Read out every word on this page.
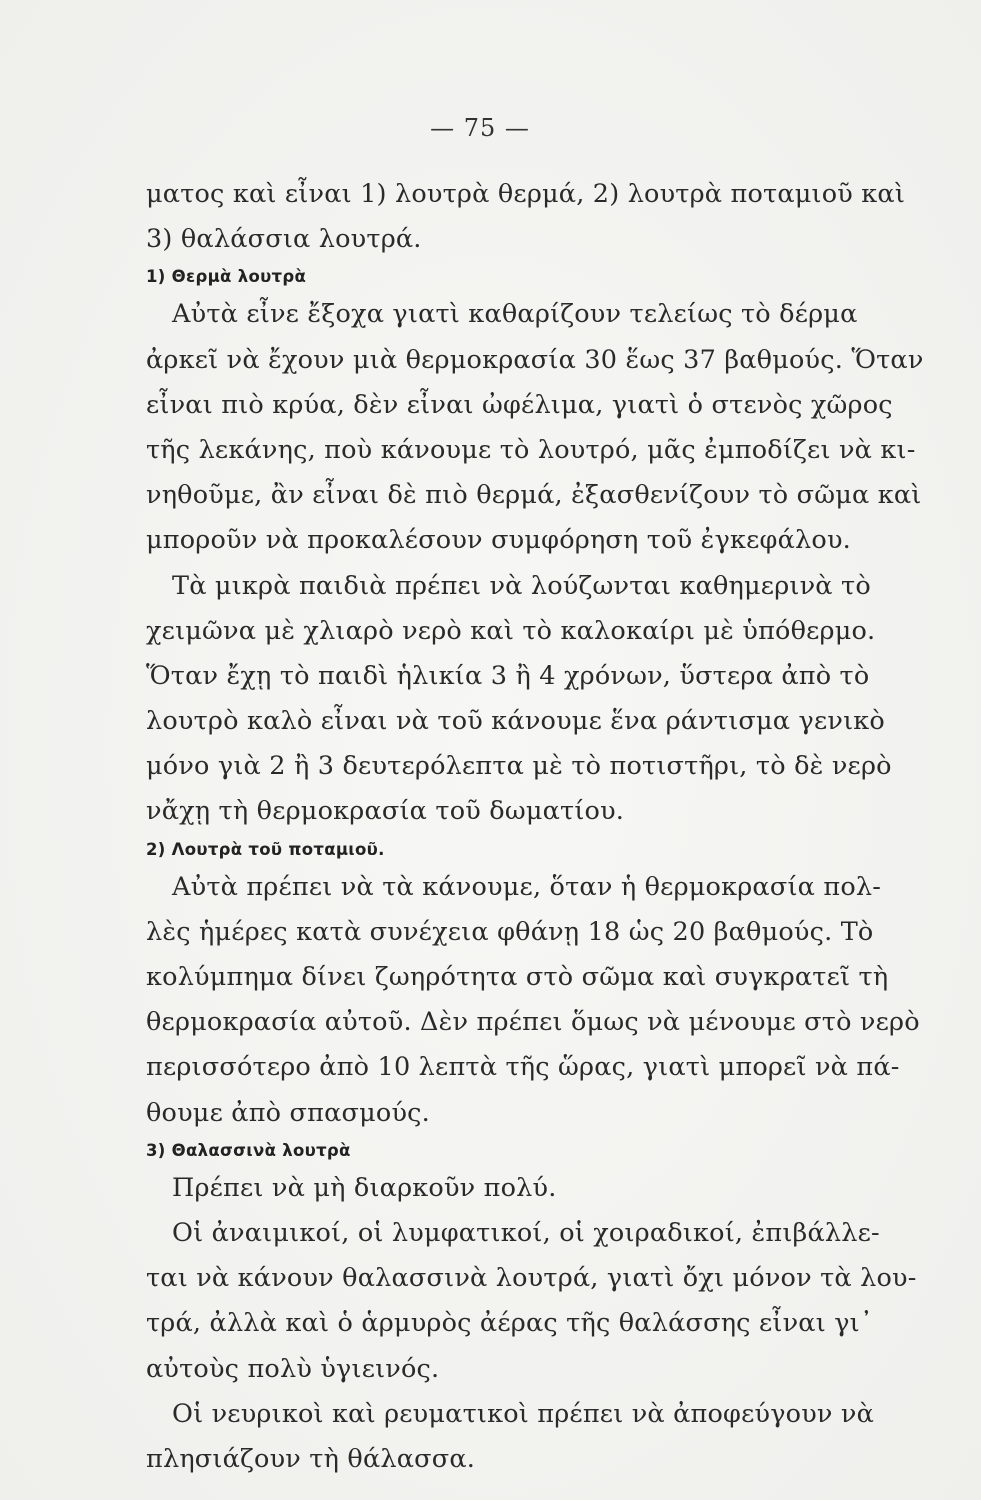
— 75 —
ματος καὶ εἶναι 1) λουτρὰ θερμά, 2) λουτρὰ ποταμιοῦ καὶ
3) θαλάσσια λουτρά.
1) Θερμὰ λουτρὰ
Αὐτὰ εἶνε ἔξοχα γιατὶ καθαρίζουν τελείως τὸ δέρμα
ἀρκεῖ νὰ ἔχουν μιὰ θερμοκρασία 30 ἕως 37 βαθμούς. Ὅταν
εἶναι πιὸ κρύα, δὲν εἶναι ὠφέλιμα, γιατὶ ὁ στενὸς χῶρος
τῆς λεκάνης, ποὺ κάνουμε τὸ λουτρό, μᾶς ἐμποδίζει νὰ κι-
νηθοῦμε, ἂν εἶναι δὲ πιὸ θερμά, ἐξασθενίζουν τὸ σῶμα καὶ
μποροῦν νὰ προκαλέσουν συμφόρηση τοῦ ἐγκεφάλου.
Τὰ μικρὰ παιδιὰ πρέπει νὰ λούζωνται καθημερινὰ τὸ
χειμῶνα μὲ χλιαρὸ νερὸ καὶ τὸ καλοκαίρι μὲ ὑπόθερμο.
Ὅταν ἔχῃ τὸ παιδὶ ἡλικία 3 ἢ 4 χρόνων, ὕστερα ἀπὸ τὸ
λουτρὸ καλὸ εἶναι νὰ τοῦ κάνουμε ἕνα ράντισμα γενικὸ
μόνο γιὰ 2 ἢ 3 δευτερόλεπτα μὲ τὸ ποτιστῆρι, τὸ δὲ νερὸ
νἄχῃ τὴ θερμοκρασία τοῦ δωματίου.
2) Λουτρὰ τοῦ ποταμιοῦ.
Αὐτὰ πρέπει νὰ τὰ κάνουμε, ὅταν ἡ θερμοκρασία πολ-
λὲς ἡμέρες κατὰ συνέχεια φθάνῃ 18 ὡς 20 βαθμούς. Τὸ
κολύμπημα δίνει ζωηρότητα στὸ σῶμα καὶ συγκρατεῖ τὴ
θερμοκρασία αὐτοῦ. Δὲν πρέπει ὅμως νὰ μένουμε στὸ νερὸ
περισσότερο ἀπὸ 10 λεπτὰ τῆς ὥρας, γιατὶ μπορεῖ νὰ πά-
θουμε ἀπὸ σπασμούς.
3) Θαλασσινὰ λουτρὰ
Πρέπει νὰ μὴ διαρκοῦν πολύ.
Οἱ ἀναιμικοί, οἱ λυμφατικοί, οἱ χοιραδικοί, ἐπιβάλλε-
ται νὰ κάνουν θαλασσινὰ λουτρά, γιατὶ ὄχι μόνον τὰ λου-
τρά, ἀλλὰ καὶ ὁ ἁρμυρὸς ἀέρας τῆς θαλάσσης εἶναι γι᾿
αὐτοὺς πολὺ ὑγιεινός.
Οἱ νευρικοὶ καὶ ρευματικοὶ πρέπει νὰ ἀποφεύγουν νὰ
πλησιάζουν τὴ θάλασσα.
